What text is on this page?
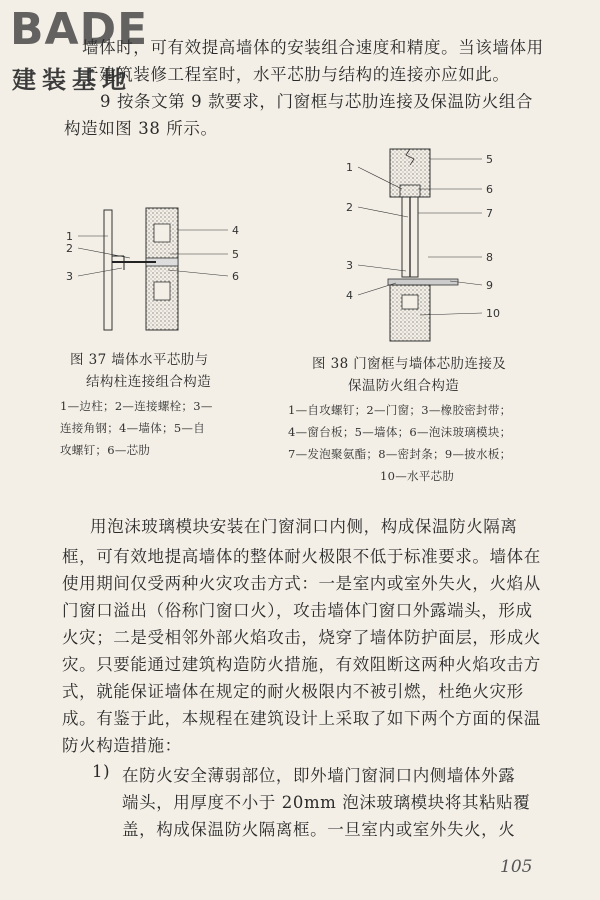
BADE
建装基地
墙体时，可有效提高墙体的安装组合速度和精度。当该墙体用
于建筑装修工程室时，水平芯肋与结构的连接亦应如此。
9 按条文第 9 款要求，门窗框与芯肋连接及保温防火组合
构造如图 38 所示。
1
2
3
4
5
6
1
2
3
4
5
6
7
8
9
10
图 37 墙体水平芯肋与
结构柱连接组合构造
1—边柱；2—连接螺栓；3—
连接角钢；4—墙体；5—自
攻螺钉；6—芯肋
图 38 门窗框与墙体芯肋连接及
保温防火组合构造
1—自攻螺钉；2—门窗；3—橡胶密封带；
4—窗台板；5—墙体；6—泡沫玻璃模块；
7—发泡聚氨酯；8—密封条；9—披水板；
10—水平芯肋
用泡沫玻璃模块安装在门窗洞口内侧，构成保温防火隔离
框，可有效地提高墙体的整体耐火极限不低于标准要求。墙体在
使用期间仅受两种火灾攻击方式：一是室内或室外失火，火焰从
门窗口溢出（俗称门窗口火），攻击墙体门窗口外露端头，形成
火灾；二是受相邻外部火焰攻击，烧穿了墙体防护面层，形成火
灾。只要能通过建筑构造防火措施，有效阻断这两种火焰攻击方
式，就能保证墙体在规定的耐火极限内不被引燃，杜绝火灾形
成。有鉴于此，本规程在建筑设计上采取了如下两个方面的保温
防火构造措施：
1) 在防火安全薄弱部位，即外墙门窗洞口内侧墙体外露
端头，用厚度不小于 20mm 泡沫玻璃模块将其粘贴覆
盖，构成保温防火隔离框。一旦室内或室外失火，火
105
